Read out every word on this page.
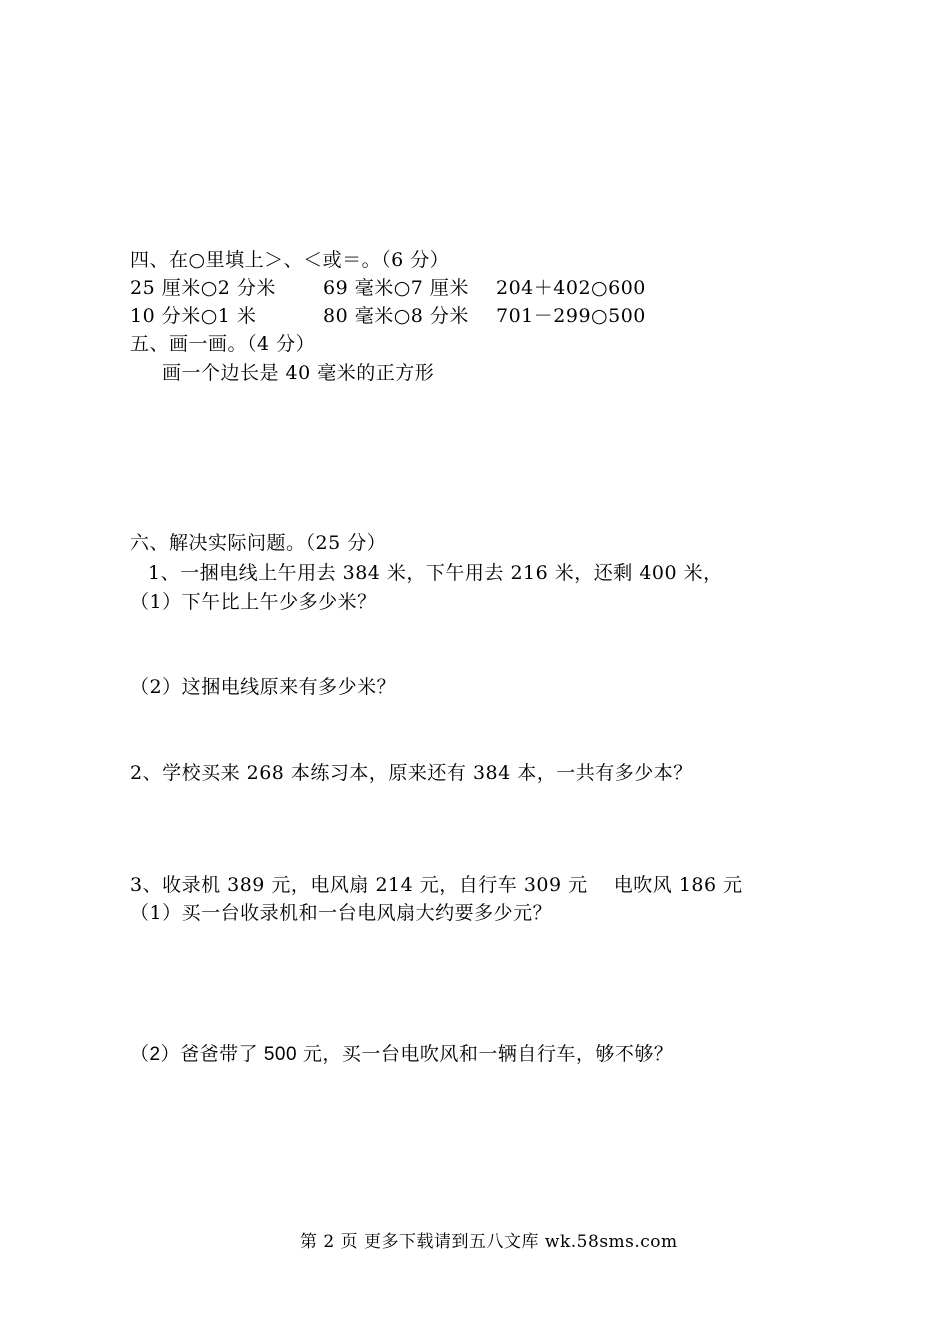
四、在○里填上＞、＜或＝。（6 分）

25 厘米○2 分米 69 毫米○7 厘米 204＋402○600

10 分米○1 米	80 毫米○8 分米 701－299○500

五、画一画。（4 分）

画一个边长是 40 毫米的正方形

六、解决实际问题。（25 分）

1、一捆电线上午用去 384 米，下午用去 216 米，还剩 400 米，

（1）下午比上午少多少米？

（2）这捆电线原来有多少米？

2、学校买来 268 本练习本，原来还有 384 本，一共有多少本？

3、收录机 389 元，电风扇 214 元，自行车 309 元    电吹风 186 元

（1）买一台收录机和一台电风扇大约要多少元？

（2）爸爸带了 500 元，买一台电吹风和一辆自行车，够不够？

第 2 页 更多下载请到五八文库 wk.58sms.com
